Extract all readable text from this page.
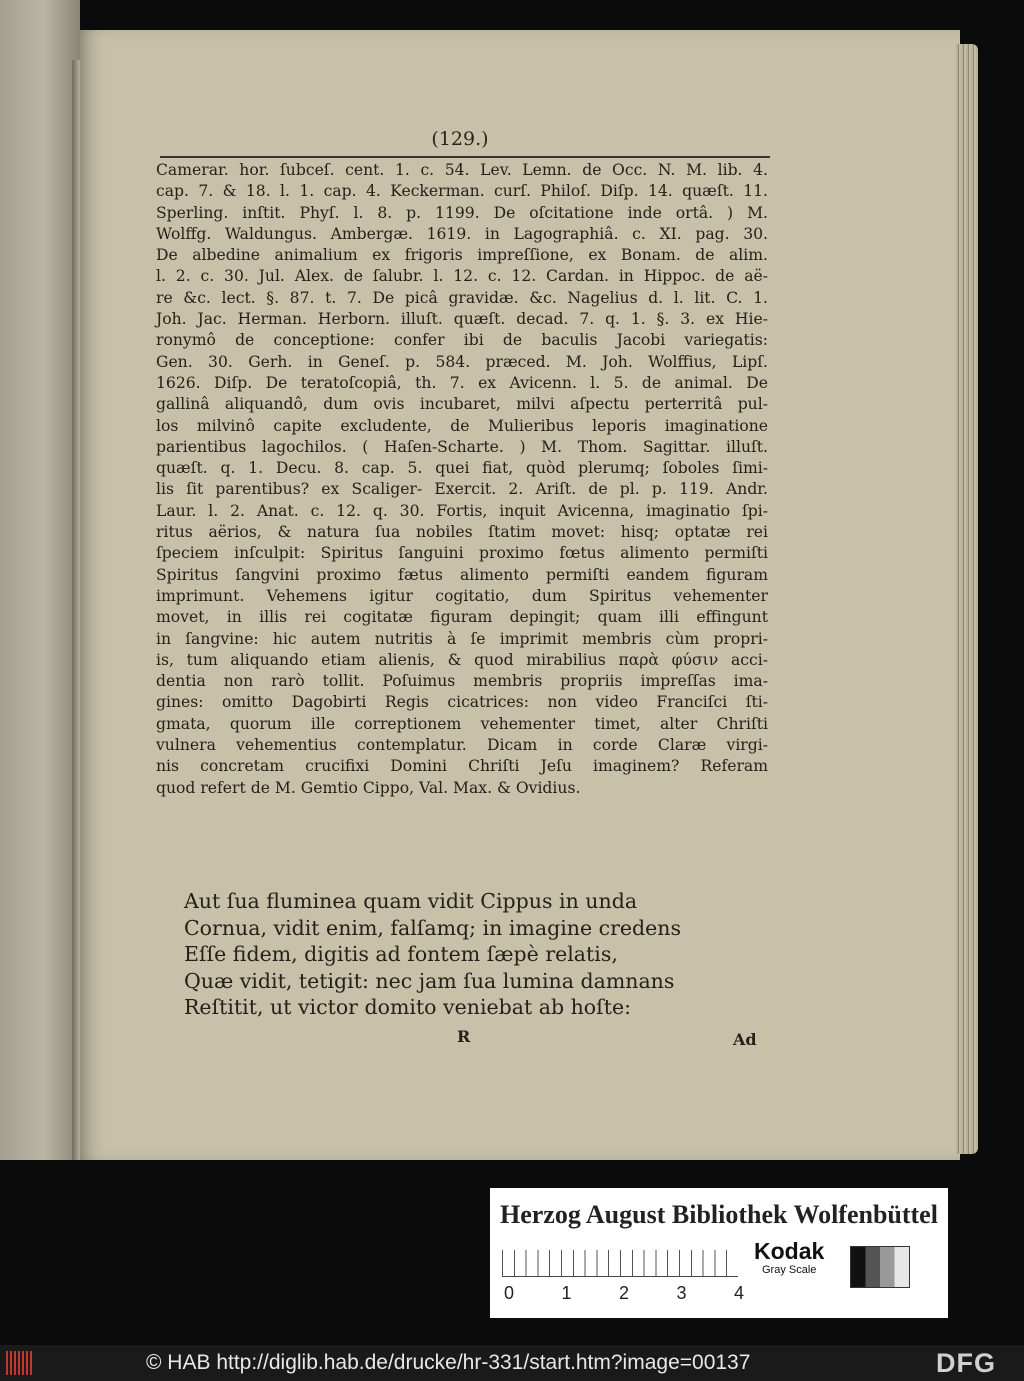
(129.)
Camerar. hor. ſubceſ. cent. 1. c. 54. Lev. Lemn. de Occ. N. M. lib. 4.
cap. 7. & 18. l. 1. cap. 4. Keckerman. curſ. Philoſ. Diſp. 14. quæſt. 11.
Sperling. inſtit. Phyſ. l. 8. p. 1199. De oſcitatione inde ortâ. ) M.
Wolffg. Waldungus. Ambergæ. 1619. in Lagographiâ. c. XI. pag. 30.
De albedine animalium ex frigoris impreſſione, ex Bonam. de alim.
l. 2. c. 30. Jul. Alex. de ſalubr. l. 12. c. 12. Cardan. in Hippoc. de aë-
re &c. lect. §. 87. t. 7. De picâ gravidæ. &c. Nagelius d. l. lit. C. 1.
Joh. Jac. Herman. Herborn. illuſt. quæſt. decad. 7. q. 1. §. 3. ex Hie-
ronymô de conceptione: confer ibi de baculis Jacobi variegatis:
Gen. 30. Gerh. in Geneſ. p. 584. præced. M. Joh. Wolffius, Lipſ.
1626. Diſp. De teratoſcopiâ, th. 7. ex Avicenn. l. 5. de animal. De
gallinâ aliquandô, dum ovis incubaret, milvi aſpectu perterritâ pul-
los milvinô capite excludente, de Mulieribus leporis imaginatione
parientibus lagochilos. ( Haſen-Scharte. ) M. Thom. Sagittar. illuſt.
quæſt. q. 1. Decu. 8. cap. 5. quei fiat, quòd plerumq; ſoboles ſimi-
lis ſit parentibus? ex Scaliger- Exercit. 2. Ariſt. de pl. p. 119. Andr.
Laur. l. 2. Anat. c. 12. q. 30. Fortis, inquit Avicenna, imaginatio ſpi-
ritus aërios, & natura ſua nobiles ſtatim movet: hisq; optatæ rei
ſpeciem inſculpit: Spiritus ſanguini proximo fœtus alimento permiſti
Spiritus ſangvini proximo fætus alimento permiſti eandem figuram
imprimunt. Vehemens igitur cogitatio, dum Spiritus vehementer
movet, in illis rei cogitatæ figuram depingit; quam illi effingunt
in ſangvine: hic autem nutritis à ſe imprimit membris cùm propri-
is, tum aliquando etiam alienis, & quod mirabilius παρὰ φύσιν acci-
dentia non rarò tollit. Poſuimus membris propriis impreſſas ima-
gines: omitto Dagobirti Regis cicatrices: non video Franciſci ſti-
gmata, quorum ille correptionem vehementer timet, alter Chriſti
vulnera vehementius contemplatur. Dicam in corde Claræ virgi-
nis concretam crucifixi Domini Chriſti Jeſu imaginem? Referam
quod refert de M. Gemtio Cippo, Val. Max. & Ovidius.
Aut ſua fluminea quam vidit Cippus in unda
Cornua, vidit enim, falſamq; in imagine credens
Eſſe fidem, digitis ad fontem ſæpè relatis,
Quæ vidit, tetigit: nec jam ſua lumina damnans
Reſtitit, ut victor domito veniebat ab hoſte:
R	Ad
Herzog August Bibliothek Wolfenbüttel
0	1	2	3	4
Kodak
Gray Scale
© HAB http://diglib.hab.de/drucke/hr-331/start.htm?image=00137	DFG
